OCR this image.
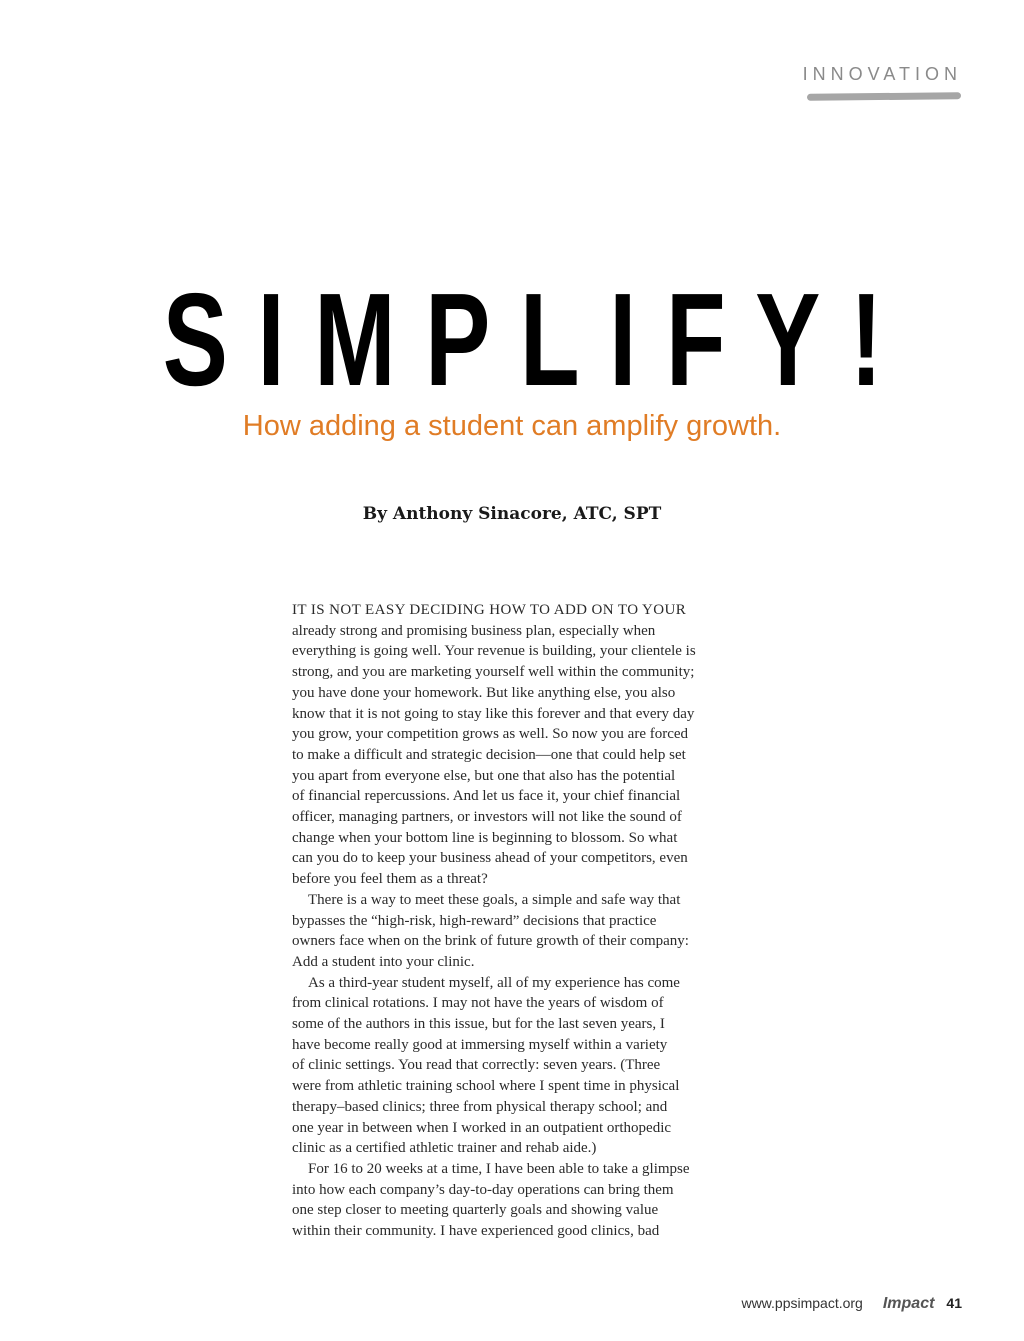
INNOVATION
SIMPLIFY!
How adding a student can amplify growth.
By Anthony Sinacore, ATC, SPT
IT IS NOT EASY DECIDING HOW TO ADD ON TO YOUR
already strong and promising business plan, especially when
everything is going well. Your revenue is building, your clientele is
strong, and you are marketing yourself well within the community;
you have done your homework. But like anything else, you also
know that it is not going to stay like this forever and that every day
you grow, your competition grows as well. So now you are forced
to make a difficult and strategic decision—one that could help set
you apart from everyone else, but one that also has the potential
of financial repercussions. And let us face it, your chief financial
officer, managing partners, or investors will not like the sound of
change when your bottom line is beginning to blossom. So what
can you do to keep your business ahead of your competitors, even
before you feel them as a threat?
There is a way to meet these goals, a simple and safe way that
bypasses the “high-risk, high-reward” decisions that practice
owners face when on the brink of future growth of their company:
Add a student into your clinic.
As a third-year student myself, all of my experience has come
from clinical rotations. I may not have the years of wisdom of
some of the authors in this issue, but for the last seven years, I
have become really good at immersing myself within a variety
of clinic settings. You read that correctly: seven years. (Three
were from athletic training school where I spent time in physical
therapy–based clinics; three from physical therapy school; and
one year in between when I worked in an outpatient orthopedic
clinic as a certified athletic trainer and rehab aide.)
For 16 to 20 weeks at a time, I have been able to take a glimpse
into how each company’s day-to-day operations can bring them
one step closer to meeting quarterly goals and showing value
within their community. I have experienced good clinics, bad
www.ppsimpact.org Impact 41
